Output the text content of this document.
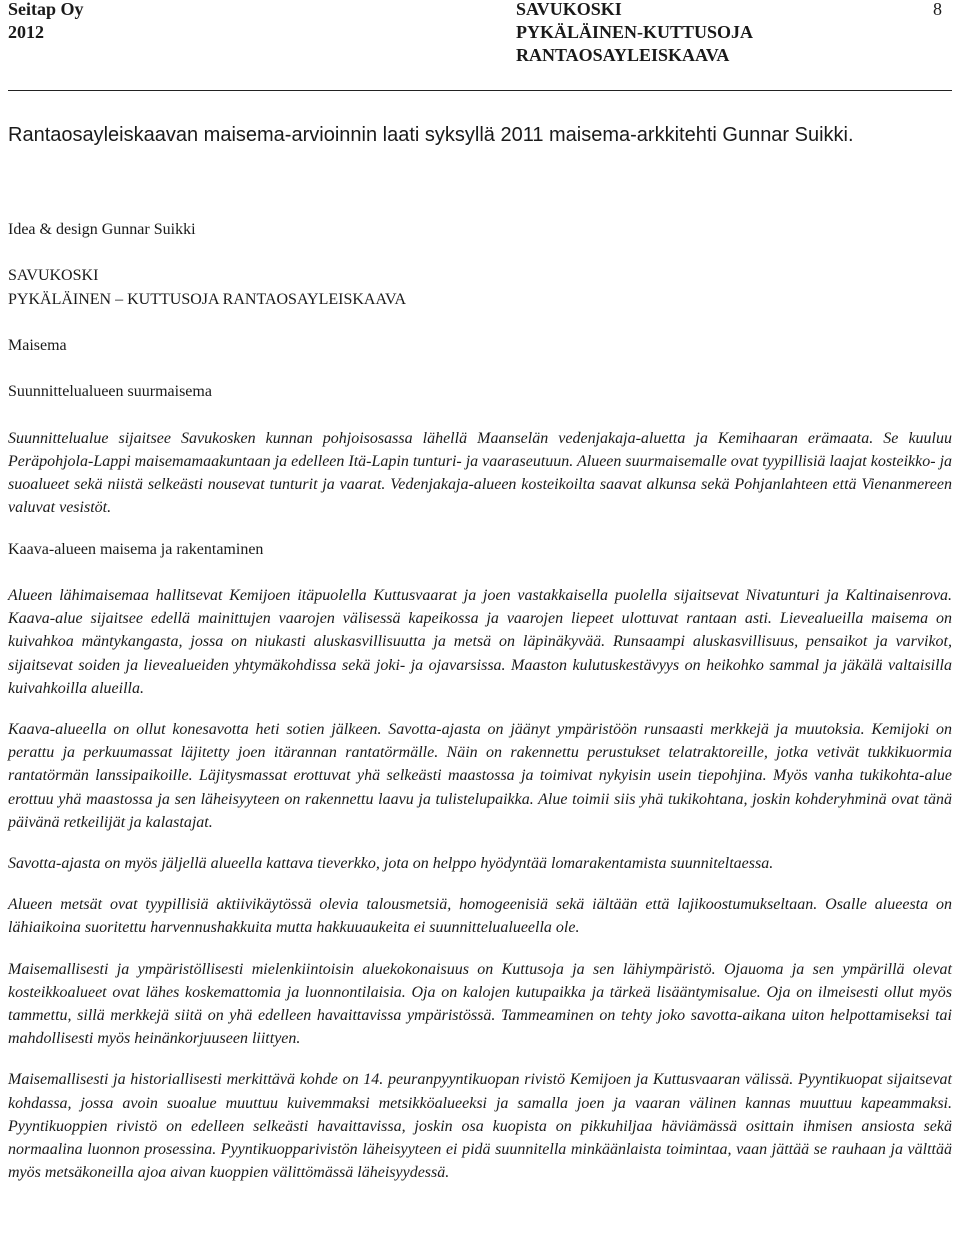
Seitap Oy
2012
SAVUKOSKI
PYKÄLÄINEN-KUTTUSOJA
RANTAOSAYLEISKAAVA
8

Rantaosayleiskaavan maisema-arvioinnin laati syksyllä 2011 maisema-arkkitehti Gunnar Suikki.

Idea & design Gunnar Suikki

SAVUKOSKI

PYKÄLÄINEN – KUTTUSOJA RANTAOSAYLEISKAAVA

Maisema

Suunnittelualueen suurmaisema

Suunnittelualue sijaitsee Savukosken kunnan pohjoisosassa lähellä Maanselän vedenjakaja-aluetta ja Kemihaaran erämaata. Se kuuluu Peräpohjola-Lappi maisemamaakuntaan ja edelleen Itä-Lapin tunturi- ja vaaraseutuun. Alueen suurmaisemalle ovat tyypillisiä laajat kosteikko- ja suoalueet sekä niistä selkeästi nousevat tunturit ja vaarat. Vedenjakaja-alueen kosteikoilta saavat alkunsa sekä Pohjanlahteen että Vienanmereen valuvat vesistöt.

Kaava-alueen maisema ja rakentaminen

Alueen lähimaisemaa hallitsevat Kemijoen itäpuolella Kuttusvaarat ja joen vastakkaisella puolella sijaitsevat Nivatunturi ja Kaltinaisenrova. Kaava-alue sijaitsee edellä mainittujen vaarojen välisessä kapeikossa ja vaarojen liepeet ulottuvat rantaan asti. Lievealueilla maisema on kuivahkoa mäntykangasta, jossa on niukasti aluskasvillisuutta ja metsä on läpinäkyvää. Runsaampi aluskasvillisuus, pensaikot ja varvikot, sijaitsevat soiden ja lievealueiden yhtymäkohdissa sekä joki- ja ojavarsissa. Maaston kulutuskestävyys on heikohko sammal ja jäkälä valtaisilla kuivahkoilla alueilla.

Kaava-alueella on ollut konesavotta heti sotien jälkeen. Savotta-ajasta on jäänyt ympäristöön runsaasti merkkejä ja muutoksia. Kemijoki on perattu ja perkuumassat läjitetty joen itärannan rantatörmälle. Näin on rakennettu perustukset telatraktoreille, jotka vetivät tukkikuormia rantatörmän lanssipaikoille. Läjitysmassat erottuvat yhä selkeästi maastossa ja toimivat nykyisin usein tiepohjina. Myös vanha tukikohta-alue erottuu yhä maastossa ja sen läheisyyteen on rakennettu laavu ja tulistelupaikka. Alue toimii siis yhä tukikohtana, joskin kohderyhminä ovat tänä päivänä retkeilijät ja kalastajat.

Savotta-ajasta on myös jäljellä alueella kattava tieverkko, jota on helppo hyödyntää lomarakentamista suunniteltaessa.

Alueen metsät ovat tyypillisiä aktiivikäytössä olevia talousmetsiä, homogeenisiä sekä iältään että lajikoostumukseltaan. Osalle alueesta on lähiaikoina suoritettu harvennushakkuita mutta hakkuuaukeita ei suunnittelualueella ole.

Maisemallisesti ja ympäristöllisesti mielenkiintoisin aluekokonaisuus on Kuttusoja ja sen lähiympäristö. Ojauoma ja sen ympärillä olevat kosteikkoalueet ovat lähes koskemattomia ja luonnontilaisia. Oja on kalojen kutupaikka ja tärkeä lisääntymisalue. Oja on ilmeisesti ollut myös tammettu, sillä merkkejä siitä on yhä edelleen havaittavissa ympäristössä. Tammeaminen on tehty joko savotta-aikana uiton helpottamiseksi tai mahdollisesti myös heinänkorjuuseen liittyen.

Maisemallisesti ja historiallisesti merkittävä kohde on 14. peuranpyyntikuopan rivistö Kemijoen ja Kuttusvaaran välissä. Pyyntikuopat sijaitsevat kohdassa, jossa avoin suoalue muuttuu kuivemmaksi metsikköalueeksi ja samalla joen ja vaaran välinen kannas muuttuu kapeammaksi. Pyyntikuoppien rivistö on edelleen selkeästi havaittavissa, joskin osa kuopista on pikkuhiljaa häviämässä osittain ihmisen ansiosta sekä normaalina luonnon prosessina. Pyyntikuopparivistön läheisyyteen ei pidä suunnitella minkäänlaista toimintaa, vaan jättää se rauhaan ja välttää myös metsäkoneilla ajoa aivan kuoppien välittömässä läheisyydessä.
